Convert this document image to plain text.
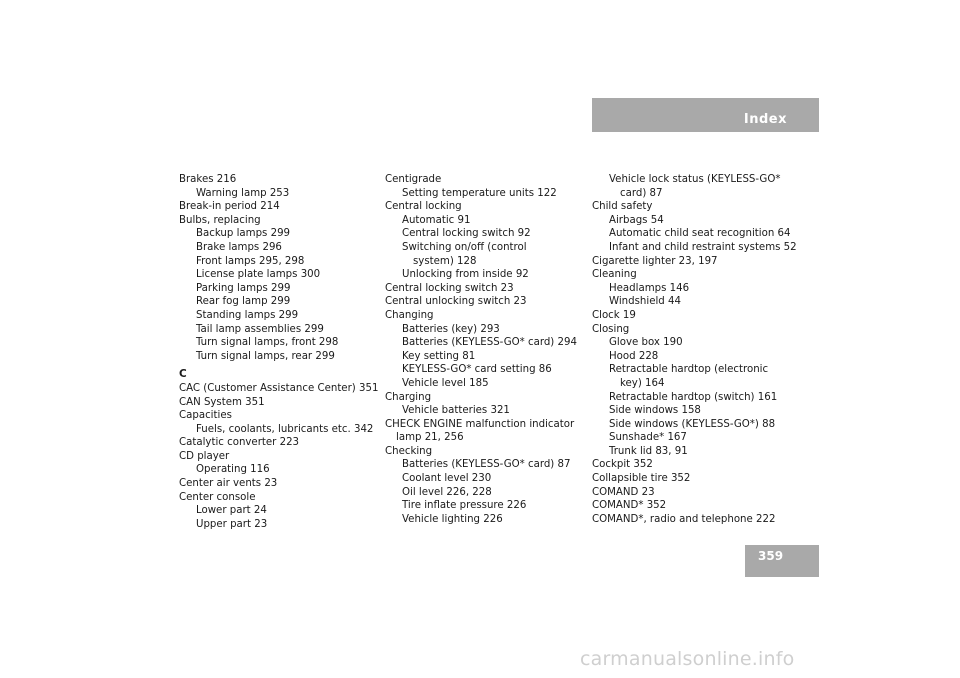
Index
Brakes 216
Warning lamp 253
Break-in period 214
Bulbs, replacing
Backup lamps 299
Brake lamps 296
Front lamps 295, 298
License plate lamps 300
Parking lamps 299
Rear fog lamp 299
Standing lamps 299
Tail lamp assemblies 299
Turn signal lamps, front 298
Turn signal lamps, rear 299
C
CAC (Customer Assistance Center) 351
CAN System 351
Capacities
Fuels, coolants, lubricants etc. 342
Catalytic converter 223
CD player
Operating 116
Center air vents 23
Center console
Lower part 24
Upper part 23
Centigrade
Setting temperature units 122
Central locking
Automatic 91
Central locking switch 92
Switching on/off (control
system) 128
Unlocking from inside 92
Central locking switch 23
Central unlocking switch 23
Changing
Batteries (key) 293
Batteries (KEYLESS-GO* card) 294
Key setting 81
KEYLESS-GO* card setting 86
Vehicle level 185
Charging
Vehicle batteries 321
CHECK ENGINE malfunction indicator
lamp 21, 256
Checking
Batteries (KEYLESS-GO* card) 87
Coolant level 230
Oil level 226, 228
Tire inflate pressure 226
Vehicle lighting 226
Vehicle lock status (KEYLESS-GO*
card) 87
Child safety
Airbags 54
Automatic child seat recognition 64
Infant and child restraint systems 52
Cigarette lighter 23, 197
Cleaning
Headlamps 146
Windshield 44
Clock 19
Closing
Glove box 190
Hood 228
Retractable hardtop (electronic
key) 164
Retractable hardtop (switch) 161
Side windows 158
Side windows (KEYLESS-GO*) 88
Sunshade* 167
Trunk lid 83, 91
Cockpit 352
Collapsible tire 352
COMAND 23
COMAND* 352
COMAND*, radio and telephone 222
359
carmanualsonline.info
